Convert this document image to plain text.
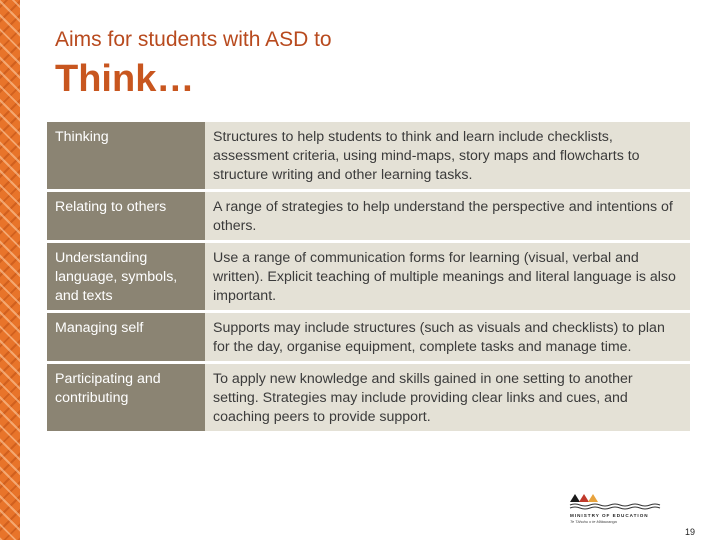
Aims for students with ASD to
Think…
Thinking	Structures to help students to think and learn include checklists, assessment criteria, using mind-maps, story maps and flowcharts to structure writing and other learning tasks.
Relating to others	A range of strategies to help understand the perspective and intentions of others.
Understanding language, symbols, and texts	Use a range of communication forms for learning (visual, verbal and written). Explicit teaching of multiple meanings and literal language is also important.
Managing self	Supports may include structures (such as visuals and checklists) to plan for the day, organise equipment, complete tasks and manage time.
Participating and contributing	To apply new knowledge and skills gained in one setting to another setting. Strategies may include providing clear links and cues, and coaching peers to provide support.
MINISTRY OF EDUCATION
Te Tāhuhu o te Mātauranga
19
